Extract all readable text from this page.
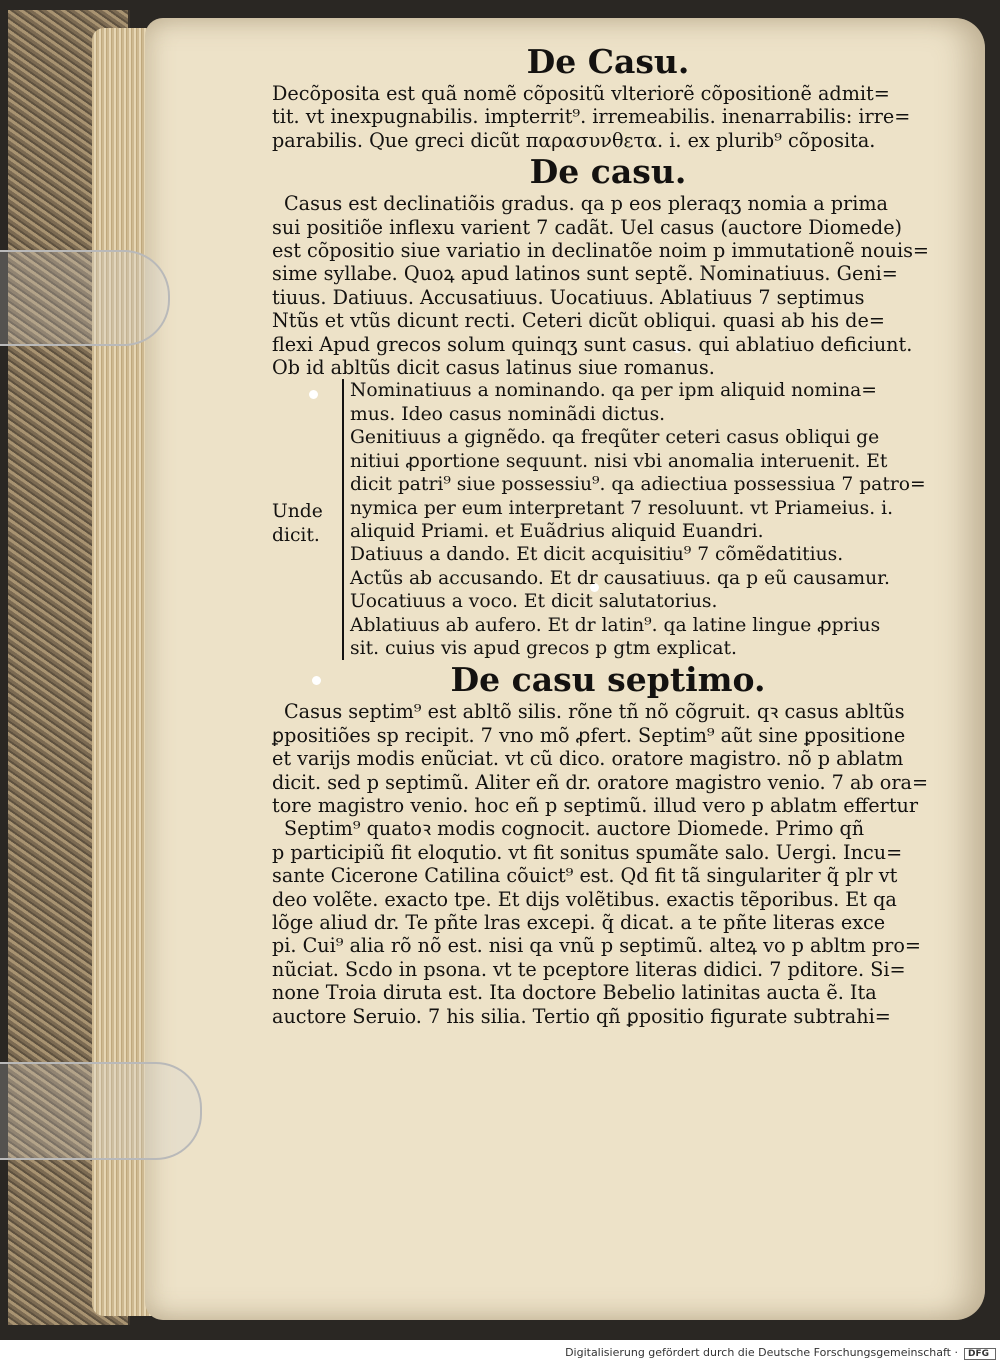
De Casu.
Decõposita est quã nomẽ cõpositũ vlteriorẽ cõpositionẽ admit=
tit. vt inexpugnabilis. impterrit⁹. irremeabilis. inenarrabilis: irre=
parabilis. Que greci dicũt παρασυνθετα. i. ex plurib⁹ cõposita.
De casu.
Casus est declinatiõis gradus. qa p eos pleraqʒ nomia a prima
sui positiõe inflexu varient 7 cadãt. Uel casus (auctore Diomede)
est cõpositio siue variatio in declinatõe noim p immutationẽ nouis=
sime syllabe. Quoꝝ apud latinos sunt septẽ. Nominatiuus. Geni=
tiuus. Datiuus. Accusatiuus. Uocatiuus. Ablatiuus 7 septimus
Ntũs et vtũs dicunt recti. Ceteri dicũt obliqui. quasi ab his de=
flexi Apud grecos solum quinqʒ sunt casus. qui ablatiuo deficiunt.
Ob id abltũs dicit casus latinus siue romanus.
Unde
dicit.
Nominatiuus a nominando. qa per ipm aliquid nomina=
mus. Ideo casus nominãdi dictus.
Genitiuus a gignẽdo. qa freqũter ceteri casus obliqui ge
nitiui ꝓportione sequunt. nisi vbi anomalia interuenit. Et
dicit patri⁹ siue possessiu⁹. qa adiectiua possessiua 7 patro=
nymica per eum interpretant 7 resoluunt. vt Priameius. i.
aliquid Priami. et Euãdrius aliquid Euandri.
Datiuus a dando. Et dicit acquisitiu⁹ 7 cõmẽdatitius.
Actũs ab accusando. Et dr causatiuus. qa p eũ causamur.
Uocatiuus a voco. Et dicit salutatorius.
Ablatiuus ab aufero. Et dr latin⁹. qa latine lingue ꝓprius
sit. cuius vis apud grecos p gtm explicat.
De casu septimo.
Casus septim⁹ est abltõ silis. rõne tñ nõ cõgruit. qꝛ casus abltũs
ꝑpositiões sp recipit. 7 vno mõ ꝓfert. Septim⁹ aũt sine ꝑpositione
et varijs modis enũciat. vt cũ dico. oratore magistro. nõ p ablatm
dicit. sed p septimũ. Aliter eñ dr. oratore magistro venio. 7 ab ora=
tore magistro venio. hoc eñ p septimũ. illud vero p ablatm effertur
Septim⁹ quatoꝛ modis cognocit. auctore Diomede. Primo qñ
p participiũ fit eloqutio. vt fit sonitus spumãte salo. Uergi. Incu=
sante Cicerone Catilina cõuict⁹ est. Qd fit tã singulariter q̃ plr vt
deo volẽte. exacto tpe. Et dijs volẽtibus. exactis tẽporibus. Et qa
lõge aliud dr. Te pñte lras excepi. q̃ dicat. a te pñte literas exce
pi. Cui⁹ alia rõ nõ est. nisi qa vnũ p septimũ. alteꝝ vo p abltm pro=
nũciat. Scdo in psona. vt te pceptore literas didici. 7 pditore. Si=
none Troia diruta est. Ita doctore Bebelio latinitas aucta ẽ. Ita
auctore Seruio. 7 his silia. Tertio qñ ꝑpositio figurate subtrahi=
Digitalisierung gefördert durch die Deutsche Forschungsgemeinschaft · DFG
